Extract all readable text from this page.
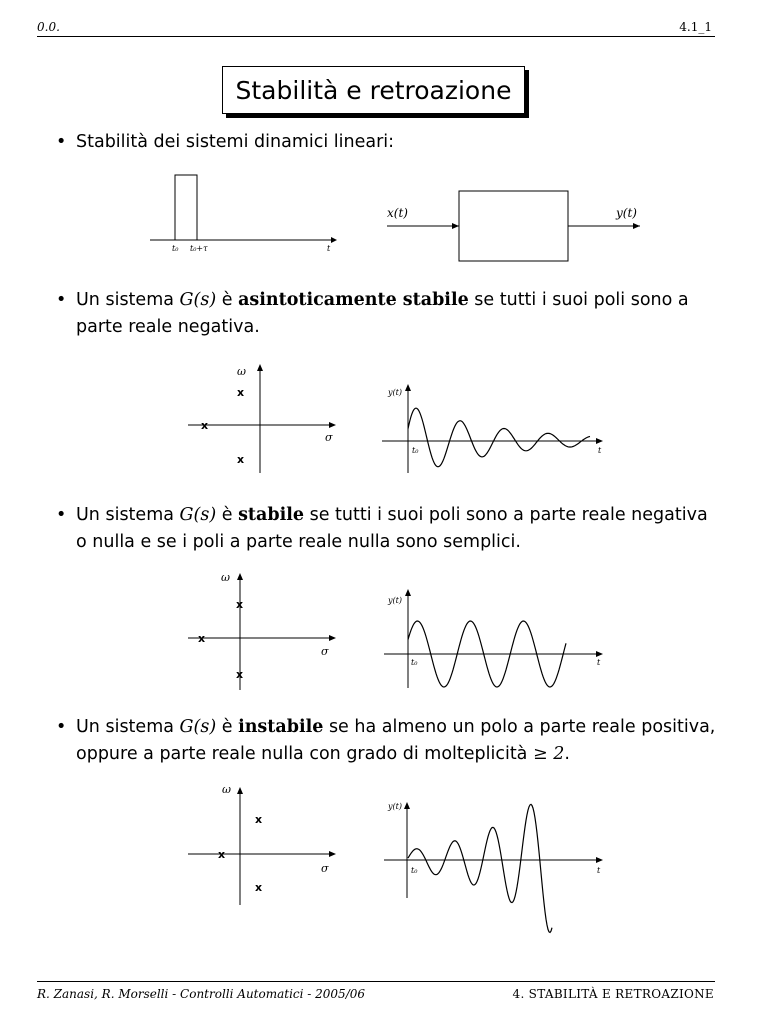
0.0.	4.1_1
Stabilità e retroazione
• Stabilità dei sistemi dinamici lineari:
t₀ t₀+τ	t
x(t)	y(t)
• Un sistema G(s) è asintoticamente stabile se tutti i suoi poli sono a parte reale negativa.
ω
σ
x
x
x
y(t)
t₀	t
• Un sistema G(s) è stabile se tutti i suoi poli sono a parte reale negativa o nulla e se i poli a parte reale nulla sono semplici.
ω
σ
x
x
x
y(t)
t₀	t
• Un sistema G(s) è instabile se ha almeno un polo a parte reale positiva, oppure a parte reale nulla con grado di molteplicità ≥ 2.
ω
σ
x
x
x
y(t)
t₀	t
R. Zanasi, R. Morselli - Controlli Automatici - 2005/06	4. STABILITÀ E RETROAZIONE
